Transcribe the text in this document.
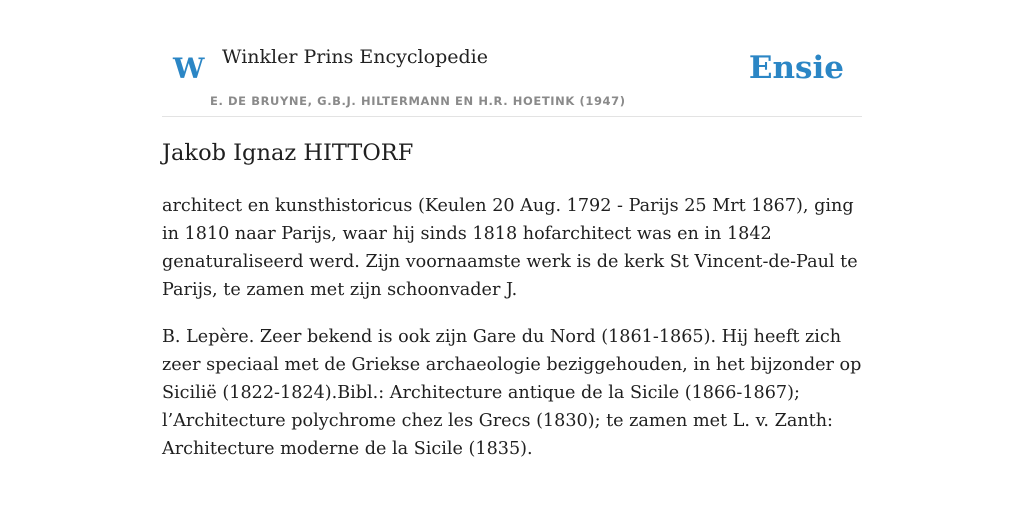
W Winkler Prins Encyclopedie
E. DE BRUYNE, G.B.J. HILTERMANN EN H.R. HOETINK (1947)
Ensie
Jakob Ignaz HITTORF

architect en kunsthistoricus (Keulen 20 Aug. 1792 - Parijs 25 Mrt 1867), ging in 1810 naar Parijs, waar hij sinds 1818 hofarchitect was en in 1842 genaturaliseerd werd. Zijn voornaamste werk is de kerk St Vincent-de-Paul te Parijs, te zamen met zijn schoonvader J.

B. Lepère. Zeer bekend is ook zijn Gare du Nord (1861-1865). Hij heeft zich zeer speciaal met de Griekse archaeologie beziggehouden, in het bijzonder op Sicilië (1822-1824).Bibl.: Architecture antique de la Sicile (1866-1867); l’Architecture polychrome chez les Grecs (1830); te zamen met L. v. Zanth: Architecture moderne de la Sicile (1835).
